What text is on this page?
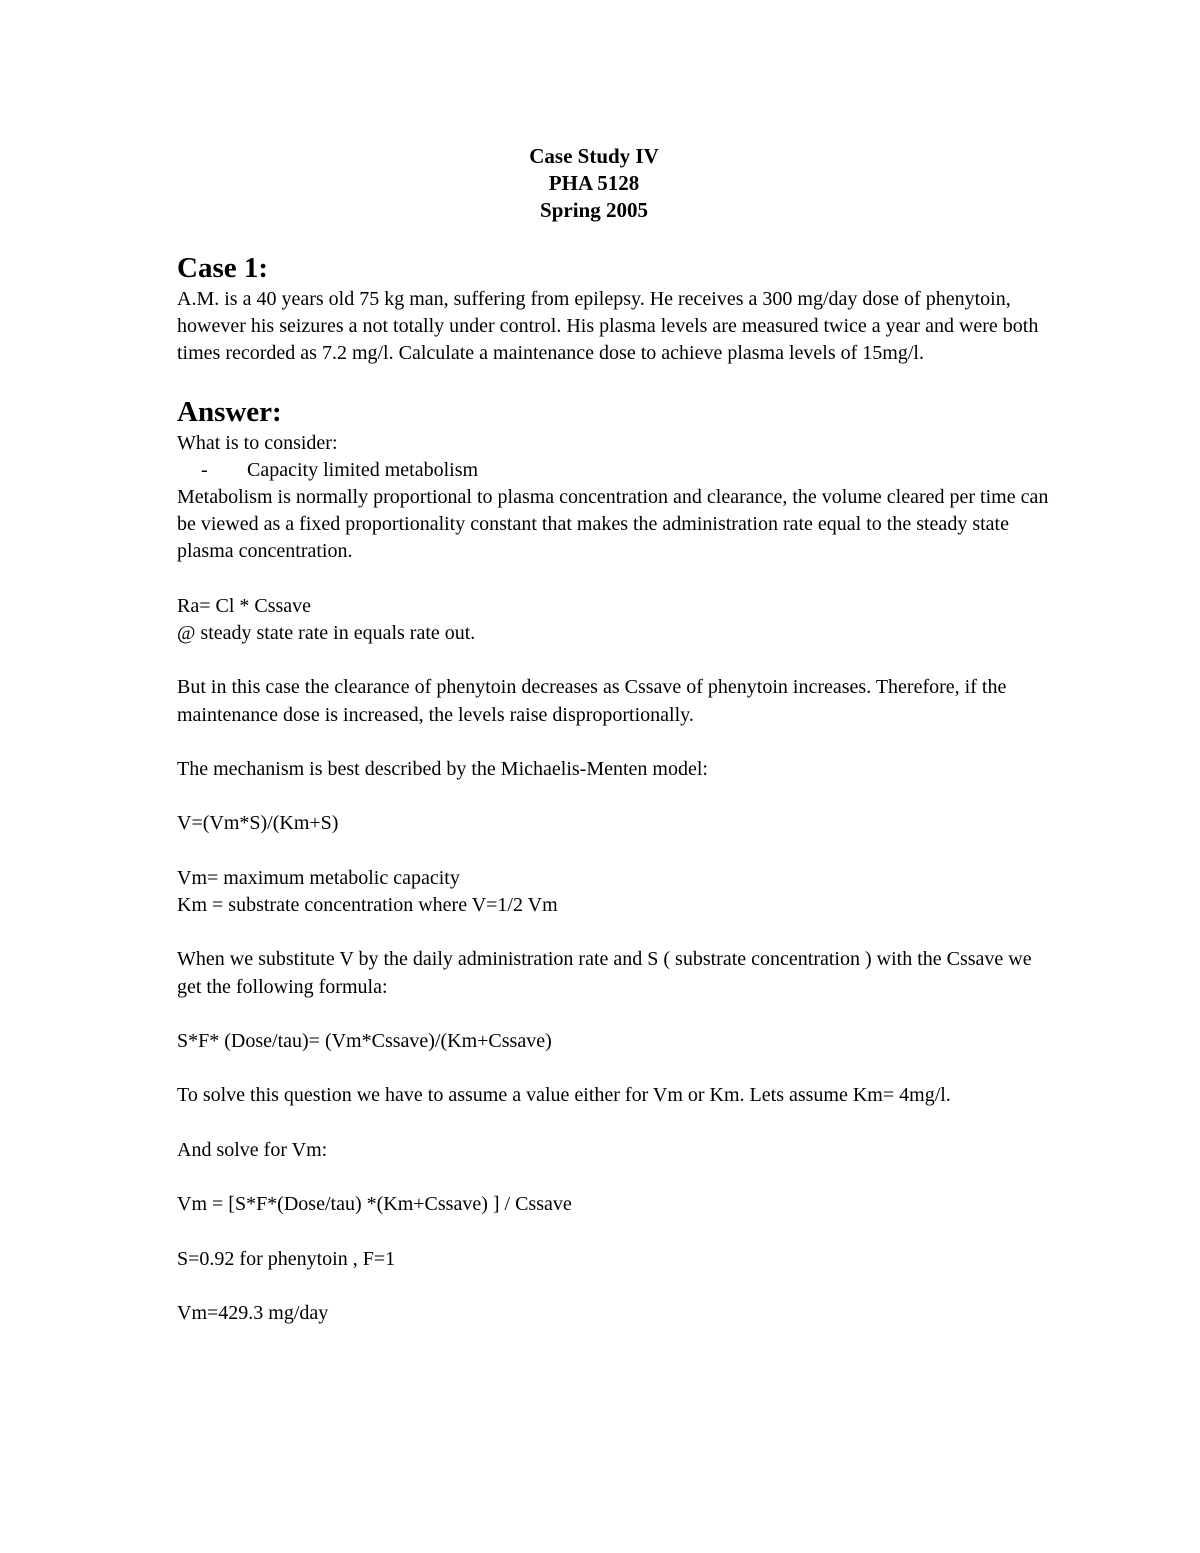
Case Study IV
PHA 5128
Spring 2005
Case 1:

A.M. is a 40 years old 75 kg man, suffering from epilepsy. He receives a 300 mg/day dose of phenytoin, however his seizures a not totally under control. His plasma levels are measured twice a year and were both times recorded as 7.2 mg/l. Calculate a maintenance dose to achieve plasma levels of 15mg/l.

Answer:

What is to consider:

-	Capacity limited metabolism

Metabolism is normally proportional to plasma concentration and clearance, the volume cleared per time can be viewed as a fixed proportionality constant that makes the administration rate equal to the steady state plasma concentration.

Ra= Cl * Cssave

@ steady state rate in equals rate out.

But in this case the clearance of phenytoin decreases as Cssave of phenytoin increases. Therefore, if the maintenance dose is increased, the levels raise disproportionally.

The mechanism is best described by the Michaelis-Menten model:

V=(Vm*S)/(Km+S)

Vm= maximum metabolic capacity

Km = substrate concentration where V=1/2 Vm

When we substitute V by the daily administration rate and S ( substrate concentration ) with the Cssave we get the following formula:

S*F* (Dose/tau)= (Vm*Cssave)/(Km+Cssave)

To solve this question we have to assume a value either for Vm or Km. Lets assume Km= 4mg/l.

And solve for Vm:

Vm = [S*F*(Dose/tau) *(Km+Cssave) ] / Cssave

S=0.92 for phenytoin , F=1

Vm=429.3 mg/day
